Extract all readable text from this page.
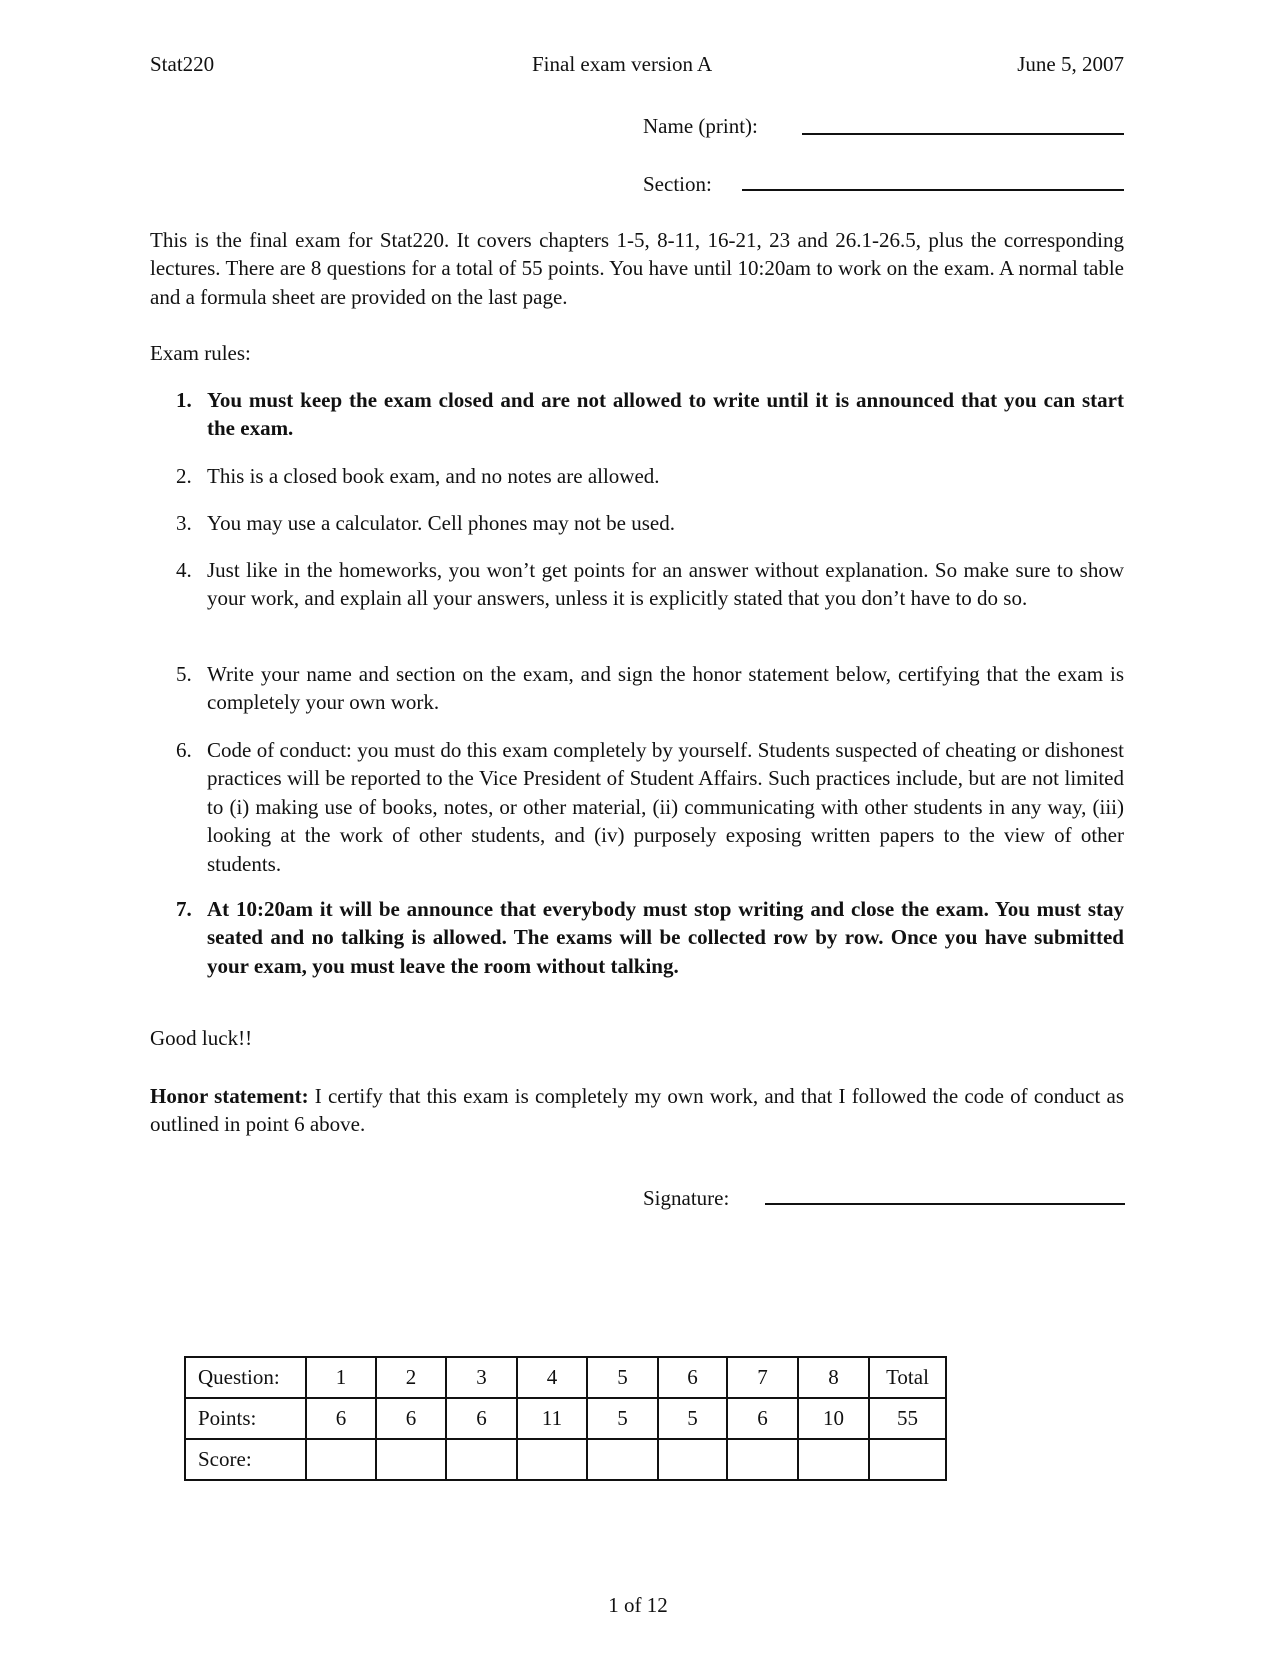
Stat220	Final exam version A	June 5, 2007
Name (print):
Section:
This is the final exam for Stat220. It covers chapters 1-5, 8-11, 16-21, 23 and 26.1-26.5, plus the corresponding lectures. There are 8 questions for a total of 55 points. You have until 10:20am to work on the exam. A normal table and a formula sheet are provided on the last page.
Exam rules:
1. You must keep the exam closed and are not allowed to write until it is announced that you can start the exam.
2. This is a closed book exam, and no notes are allowed.
3. You may use a calculator. Cell phones may not be used.
4. Just like in the homeworks, you won’t get points for an answer without explanation. So make sure to show your work, and explain all your answers, unless it is explicitly stated that you don’t have to do so.
5. Write your name and section on the exam, and sign the honor statement below, certifying that the exam is completely your own work.
6. Code of conduct: you must do this exam completely by yourself. Students suspected of cheating or dishonest practices will be reported to the Vice President of Student Affairs. Such practices include, but are not limited to (i) making use of books, notes, or other material, (ii) communicating with other students in any way, (iii) looking at the work of other students, and (iv) purposely exposing written papers to the view of other students.
7. At 10:20am it will be announce that everybody must stop writing and close the exam. You must stay seated and no talking is allowed. The exams will be collected row by row. Once you have submitted your exam, you must leave the room without talking.
Good luck!!
Honor statement: I certify that this exam is completely my own work, and that I followed the code of conduct as outlined in point 6 above.
Signature:
Question:	1	2	3	4	5	6	7	8	Total
Points:	6	6	6	11	5	5	6	10	55
Score:									
1 of 12
